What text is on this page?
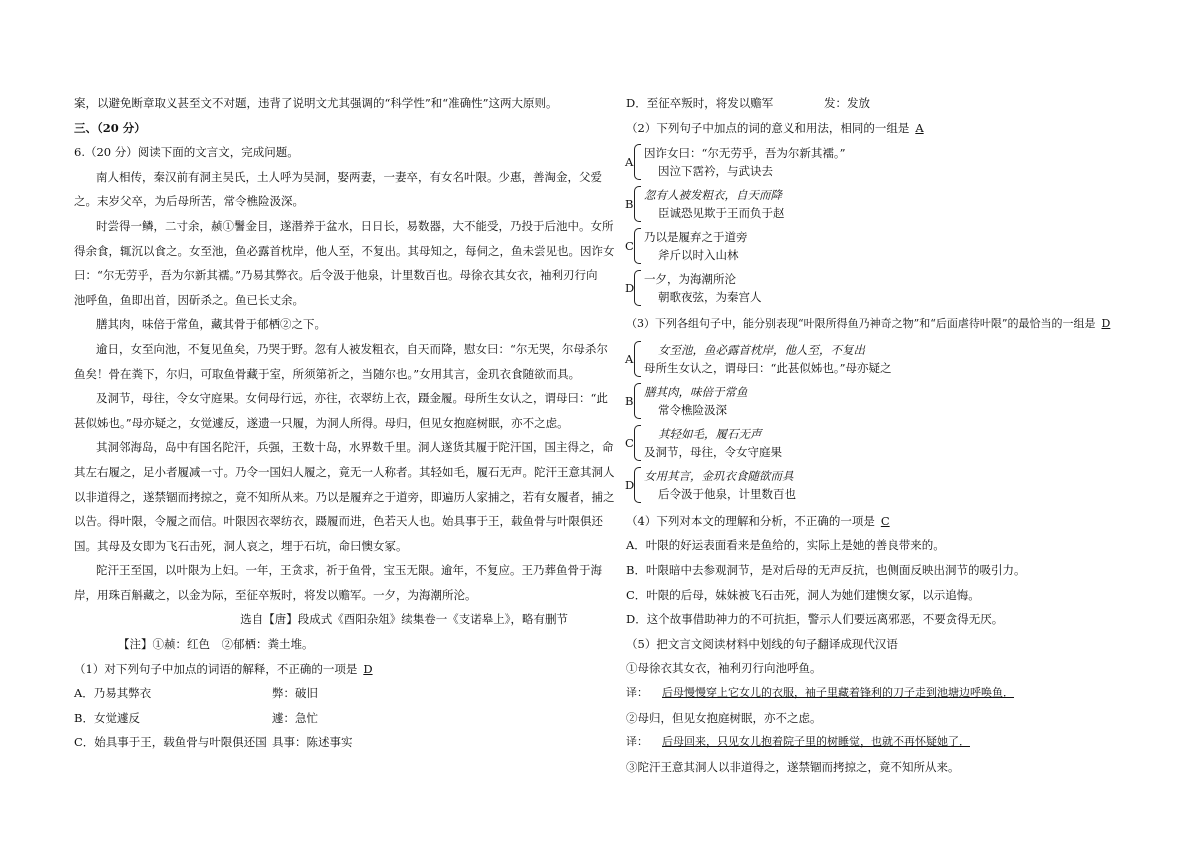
案，以避免断章取义甚至文不对题，违背了说明文尤其强调的“科学性”和“准确性”这两大原则。

三、（20 分）

6.（20 分）阅读下面的文言文，完成问题。

南人相传，秦汉前有洞主吴氏，土人呼为吴洞，娶两妻，一妻卒，有女名叶限。少惠，善淘金，父爱

之。末岁父卒，为后母所苦，常令樵险汲深。

时尝得一鳞，二寸余，赪①鬐金目，遂潜养于盆水，日日长，易数器，大不能受，乃投于后池中。女所

得余食，辄沉以食之。女至池，鱼必露首枕岸，他人至，不复出。其母知之，每伺之，鱼未尝见也。因诈女

曰：“尔无劳乎，吾为尔新其襦。”乃易其弊衣。后令汲于他泉，计里数百也。母徐衣其女衣，袖利刃行向

池呼鱼，鱼即出首，因斫杀之。鱼已长丈余。

膳其肉，味倍于常鱼，藏其骨于郁栖②之下。

逾日，女至向池，不复见鱼矣，乃哭于野。忽有人被发粗衣，自天而降，慰女曰：“尔无哭，尔母杀尔

鱼矣！骨在粪下，尔归，可取鱼骨藏于室，所须第祈之，当随尔也。”女用其言，金玑衣食随欲而具。

及洞节，母往，令女守庭果。女伺母行远，亦往，衣翠纺上衣，蹑金履。母所生女认之，谓母曰：“此

甚似姊也。”母亦疑之，女觉遽反，遂遗一只履，为洞人所得。母归，但见女抱庭树眠，亦不之虑。

其洞邻海岛，岛中有国名陀汗，兵强，王数十岛，水界数千里。洞人遂货其履于陀汗国，国主得之，命

其左右履之，足小者履减一寸。乃令一国妇人履之，竟无一人称者。其轻如毛，履石无声。陀汗王意其洞人

以非道得之，遂禁锢而拷掠之，竟不知所从来。乃以是履弃之于道旁，即遍历人家捕之，若有女履者，捕之

以告。得叶限，令履之而信。叶限因衣翠纺衣，蹑履而进，色若天人也。始具事于王，载鱼骨与叶限俱还

国。其母及女即为飞石击死，洞人哀之，埋于石坑，命曰懊女冢。

陀汗王至国，以叶限为上妇。一年，王贪求，祈于鱼骨，宝玉无限。逾年，不复应。王乃葬鱼骨于海

岸，用珠百斛藏之，以金为际，至征卒叛时，将发以赡军。一夕，为海潮所沦。

选自【唐】段成式《酉阳杂俎》续集卷一《支诺皋上》，略有删节

【注】①赪：红色　②郁栖：粪土堆。

（1）对下列句子中加点的词语的解释，不正确的一项是 D

A．乃易其弊衣	弊：破旧
B．女觉遽反	遽：急忙
C．始具事于王，载鱼骨与叶限俱还国 具事：陈述事实
D．至征卒叛时，将发以赡军	发：发放

（2）下列句子中加点的词的意义和用法，相同的一组是 A

A
因诈女曰：“尔无劳乎，吾为尔新其襦。”
因泣下霑衿，与武诀去
B
忽有人被发粗衣，自天而降
臣诚恐见欺于王而负于赵
C
乃以是履弃之于道旁
斧斤以时入山林
D
一夕，为海潮所沦
朝歌夜弦，为秦宫人

（3）下列各组句子中，能分别表现“叶限所得鱼乃神奇之物”和“后面虐待叶限”的最恰当的一组是 D

A
女至池，鱼必露首枕岸，他人至，不复出
母所生女认之，谓母曰：“此甚似姊也。”母亦疑之
B
膳其肉，味倍于常鱼
常令樵险汲深
C
其轻如毛，履石无声
及洞节，母往，令女守庭果
D
女用其言，金玑衣食随欲而具
后令汲于他泉，计里数百也

（4）下列对本文的理解和分析，不正确的一项是 C

A．叶限的好运表面看来是鱼给的，实际上是她的善良带来的。

B．叶限暗中去参观洞节，是对后母的无声反抗，也侧面反映出洞节的吸引力。

C．叶限的后母，妹妹被飞石击死，洞人为她们建懊女冢，以示追悔。

D．这个故事借助神力的不可抗拒，警示人们要远离邪恶，不要贪得无厌。

（5）把文言文阅读材料中划线的句子翻译成现代汉语

①母徐衣其女衣，袖利刃行向池呼鱼。

译： 后母慢慢穿上它女儿的衣服，袖子里藏着锋利的刀子走到池塘边呼唤鱼．

②母归，但见女抱庭树眠，亦不之虑。

译： 后母回来，只见女儿抱着院子里的树睡觉，也就不再怀疑她了．

③陀汗王意其洞人以非道得之，遂禁锢而拷掠之，竟不知所从来。
